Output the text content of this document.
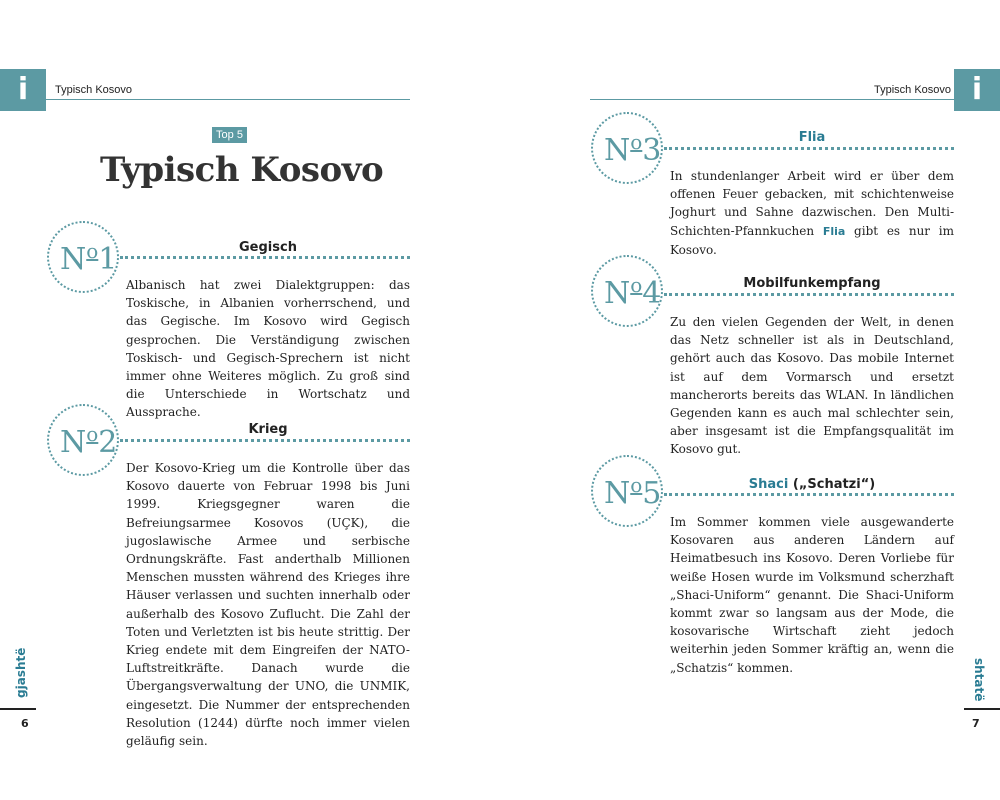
i	Typisch Kosovo	i
Typisch Kosovo
Top 5
Typisch Kosovo
$N^o1$	Gegisch
Albanisch hat zwei Dialektgruppen: das Toskische, in Albanien vorherrschend, und das Gegische. Im Kosovo wird Gegisch gesprochen. Die Verständigung zwischen Toskisch- und Gegisch-Sprechern ist nicht immer ohne Weiteres möglich. Zu groß sind die Unterschiede in Wortschatz und Aussprache.
$N^o2$	Krieg
Der Kosovo-Krieg um die Kontrolle über das Kosovo dauerte von Februar 1998 bis Juni 1999. Kriegsgegner waren die Befreiungsarmee Kosovos (UÇK), die jugoslawische Armee und serbische Ordnungskräfte. Fast anderthalb Millionen Menschen mussten während des Krieges ihre Häuser verlassen und suchten innerhalb oder außerhalb des Kosovo Zuflucht. Die Zahl der Toten und Verletzten ist bis heute strittig. Der Krieg endete mit dem Eingreifen der NATO-Luftstreitkräfte. Danach wurde die Übergangsverwaltung der UNO, die UNMIK, eingesetzt. Die Nummer der entsprechenden Resolution (1244) dürfte noch immer vielen geläufig sein.
$N^o3$	Flia
In stundenlanger Arbeit wird er über dem offenen Feuer gebacken, mit schichtenweise Joghurt und Sahne dazwischen. Den Multi-Schichten-Pfannkuchen Flia gibt es nur im Kosovo.
$N^o4$	Mobilfunkempfang
Zu den vielen Gegenden der Welt, in denen das Netz schneller ist als in Deutschland, gehört auch das Kosovo. Das mobile Internet ist auf dem Vormarsch und ersetzt mancherorts bereits das WLAN. In ländlichen Gegenden kann es auch mal schlechter sein, aber insgesamt ist die Empfangsqualität im Kosovo gut.
$N^o5$	Shaci („Schatzi“)
Im Sommer kommen viele ausgewanderte Kosovaren aus anderen Ländern auf Heimatbesuch ins Kosovo. Deren Vorliebe für weiße Hosen wurde im Volksmund scherzhaft „Shaci-Uniform“ genannt. Die Shaci-Uniform kommt zwar so langsam aus der Mode, die kosovarische Wirtschaft zieht jedoch weiterhin jeden Sommer kräftig an, wenn die „Schatzis“ kommen.
gjashtë
6
shtatë
7
